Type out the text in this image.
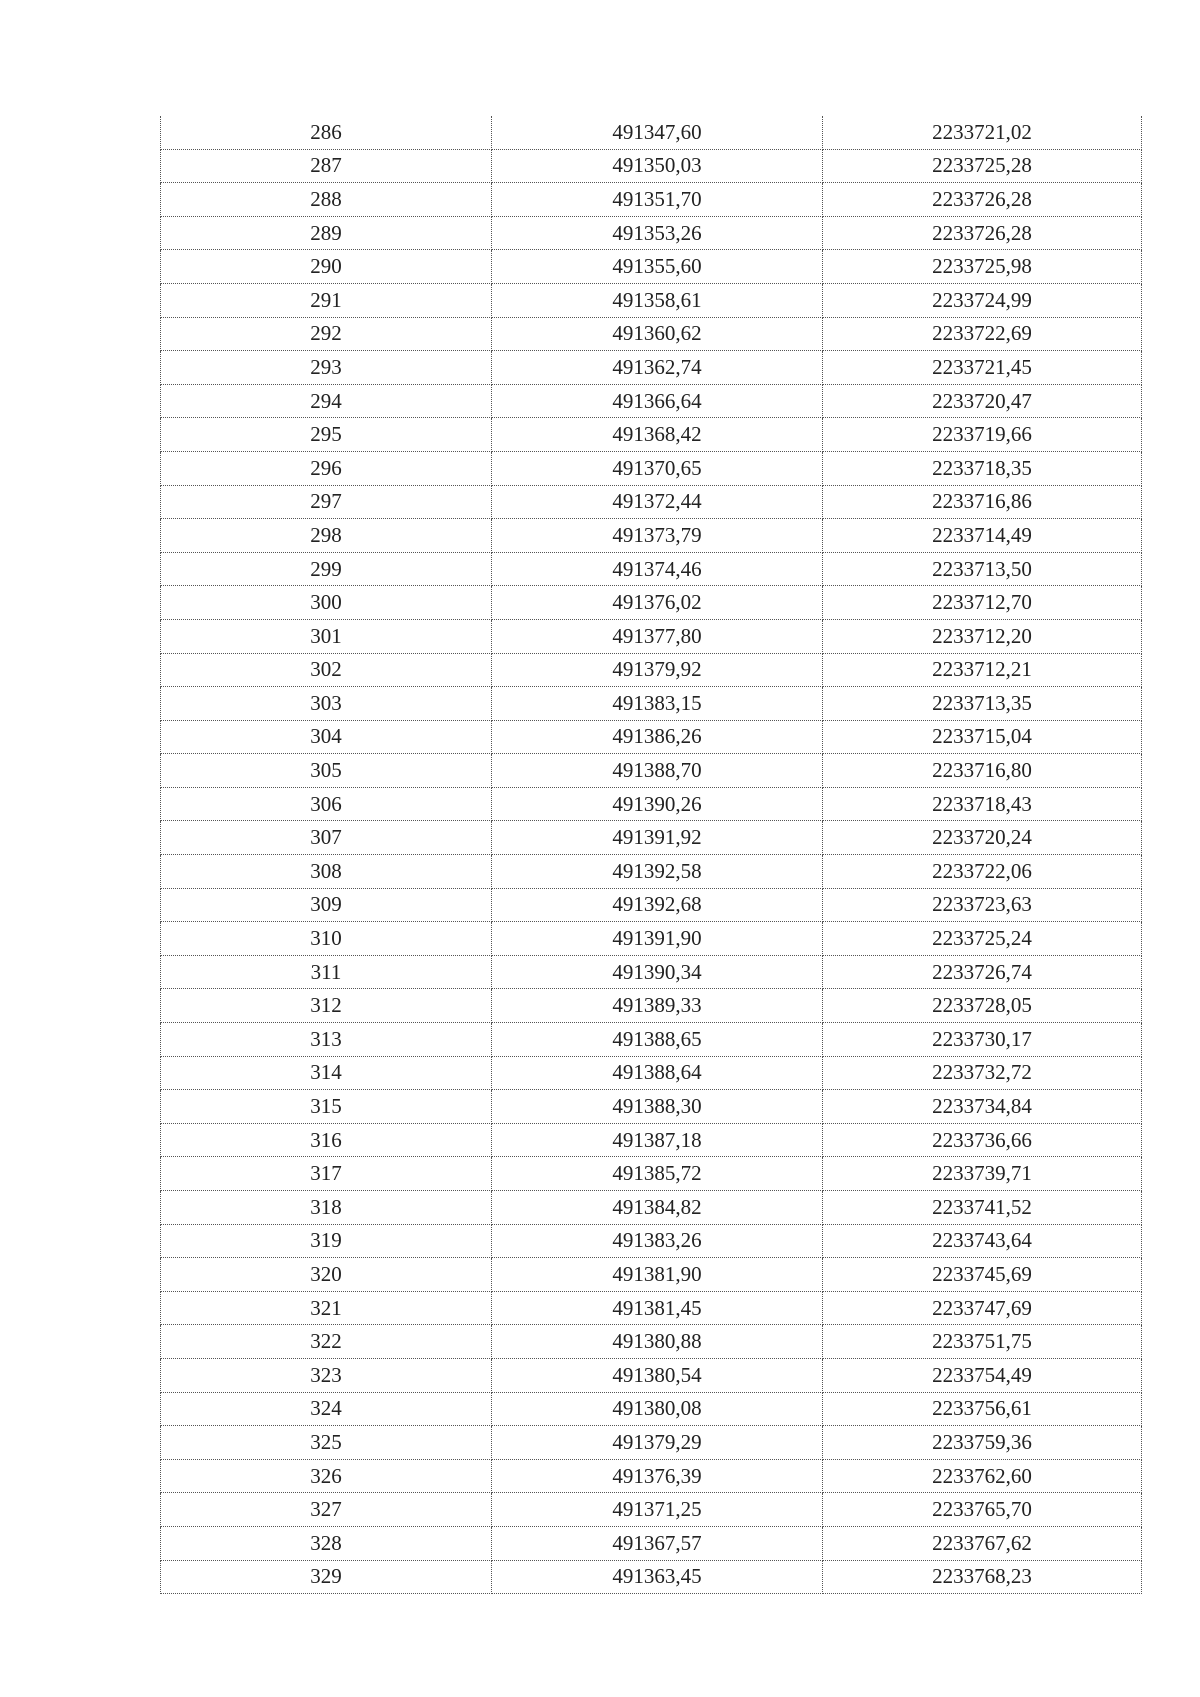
286	491347,60	2233721,02
287	491350,03	2233725,28
288	491351,70	2233726,28
289	491353,26	2233726,28
290	491355,60	2233725,98
291	491358,61	2233724,99
292	491360,62	2233722,69
293	491362,74	2233721,45
294	491366,64	2233720,47
295	491368,42	2233719,66
296	491370,65	2233718,35
297	491372,44	2233716,86
298	491373,79	2233714,49
299	491374,46	2233713,50
300	491376,02	2233712,70
301	491377,80	2233712,20
302	491379,92	2233712,21
303	491383,15	2233713,35
304	491386,26	2233715,04
305	491388,70	2233716,80
306	491390,26	2233718,43
307	491391,92	2233720,24
308	491392,58	2233722,06
309	491392,68	2233723,63
310	491391,90	2233725,24
311	491390,34	2233726,74
312	491389,33	2233728,05
313	491388,65	2233730,17
314	491388,64	2233732,72
315	491388,30	2233734,84
316	491387,18	2233736,66
317	491385,72	2233739,71
318	491384,82	2233741,52
319	491383,26	2233743,64
320	491381,90	2233745,69
321	491381,45	2233747,69
322	491380,88	2233751,75
323	491380,54	2233754,49
324	491380,08	2233756,61
325	491379,29	2233759,36
326	491376,39	2233762,60
327	491371,25	2233765,70
328	491367,57	2233767,62
329	491363,45	2233768,23
